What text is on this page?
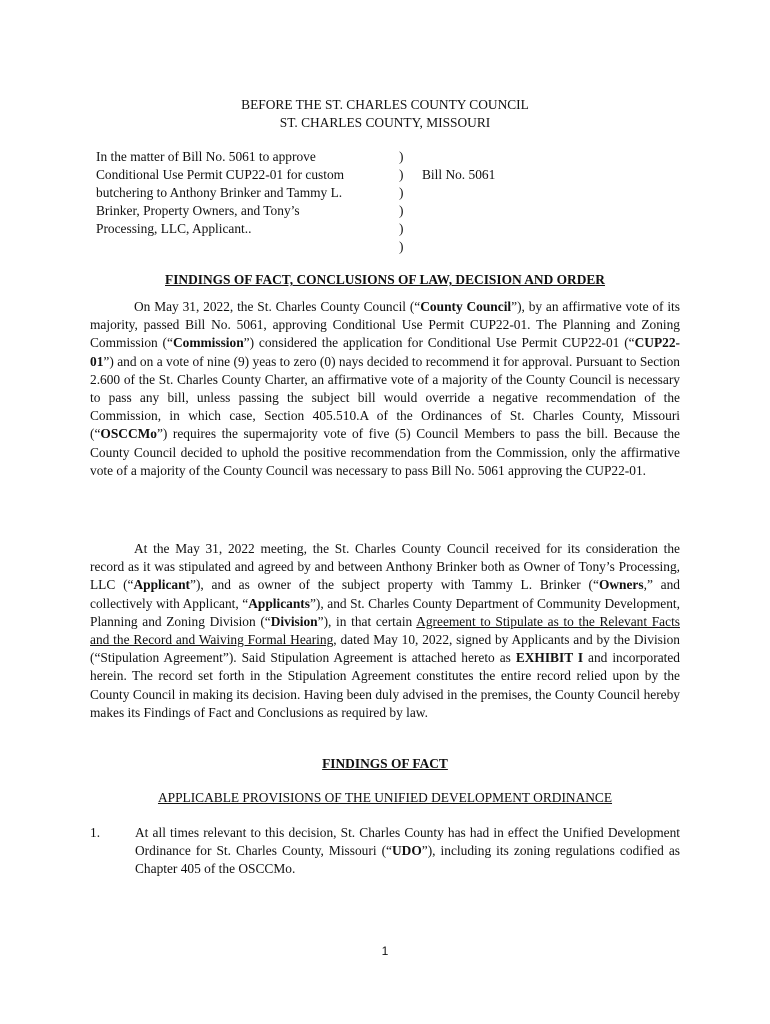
BEFORE THE ST. CHARLES COUNTY COUNCIL
ST. CHARLES COUNTY, MISSOURI
In the matter of Bill No. 5061 to approve
Conditional Use Permit CUP22-01 for custom
butchering to Anthony Brinker and Tammy L.
Brinker, Property Owners, and Tony’s
Processing, LLC, Applicant..
)
)
)
)
)
)
Bill No. 5061
FINDINGS OF FACT, CONCLUSIONS OF LAW, DECISION AND ORDER
On May 31, 2022, the St. Charles County Council (“County Council”), by an affirmative vote of its majority, passed Bill No. 5061, approving Conditional Use Permit CUP22-01. The Planning and Zoning Commission (“Commission”) considered the application for Conditional Use Permit CUP22-01 (“CUP22-01”) and on a vote of nine (9) yeas to zero (0) nays decided to recommend it for approval. Pursuant to Section 2.600 of the St. Charles County Charter, an affirmative vote of a majority of the County Council is necessary to pass any bill, unless passing the subject bill would override a negative recommendation of the Commission, in which case, Section 405.510.A of the Ordinances of St. Charles County, Missouri (“OSCCMo”) requires the supermajority vote of five (5) Council Members to pass the bill. Because the County Council decided to uphold the positive recommendation from the Commission, only the affirmative vote of a majority of the County Council was necessary to pass Bill No. 5061 approving the CUP22-01.
At the May 31, 2022 meeting, the St. Charles County Council received for its consideration the record as it was stipulated and agreed by and between Anthony Brinker both as Owner of Tony’s Processing, LLC (“Applicant”), and as owner of the subject property with Tammy L. Brinker (“Owners,” and collectively with Applicant, “Applicants”), and St. Charles County Department of Community Development, Planning and Zoning Division (“Division”), in that certain Agreement to Stipulate as to the Relevant Facts and the Record and Waiving Formal Hearing, dated May 10, 2022, signed by Applicants and by the Division (“Stipulation Agreement”). Said Stipulation Agreement is attached hereto as EXHIBIT I and incorporated herein. The record set forth in the Stipulation Agreement constitutes the entire record relied upon by the County Council in making its decision. Having been duly advised in the premises, the County Council hereby makes its Findings of Fact and Conclusions as required by law.
FINDINGS OF FACT
APPLICABLE PROVISIONS OF THE UNIFIED DEVELOPMENT ORDINANCE
1.	At all times relevant to this decision, St. Charles County has had in effect the Unified Development Ordinance for St. Charles County, Missouri (“UDO”), including its zoning regulations codified as Chapter 405 of the OSCCMo.
1
